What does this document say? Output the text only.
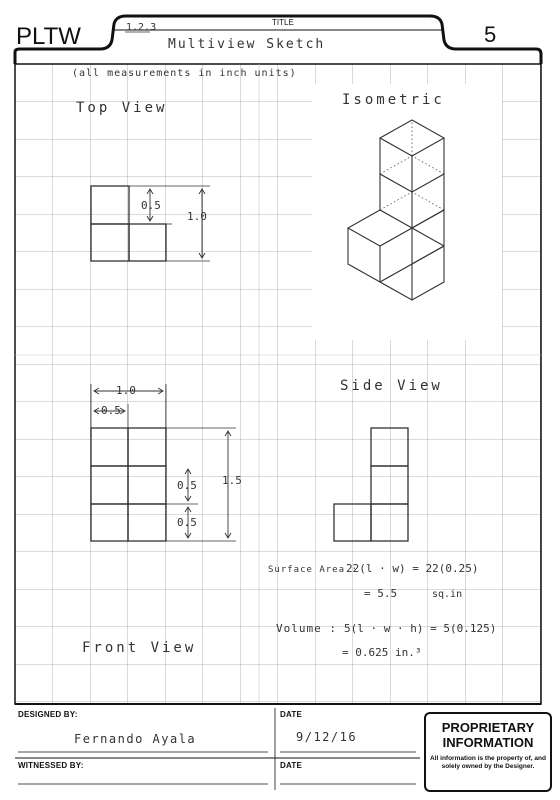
PLTW	1.2.3	TITLE
Multiview Sketch	5
(all measurements in inch units)
Top View
0.5
1.0
Isometric
1.0
0.5
1.5
0.5
0.5
Front View
Side View
Surface Area :
22(l · w) = 22(0.25)
= 5.5	sq.in
Volume : 5(l · w · h) = 5(0.125)
= 0.625 in.³
DESIGNED BY:
Fernando Ayala
DATE
9/12/16
WITNESSED BY:	DATE
PROPRIETARY INFORMATION
All information is the property of, and solely owned by the Designer.
